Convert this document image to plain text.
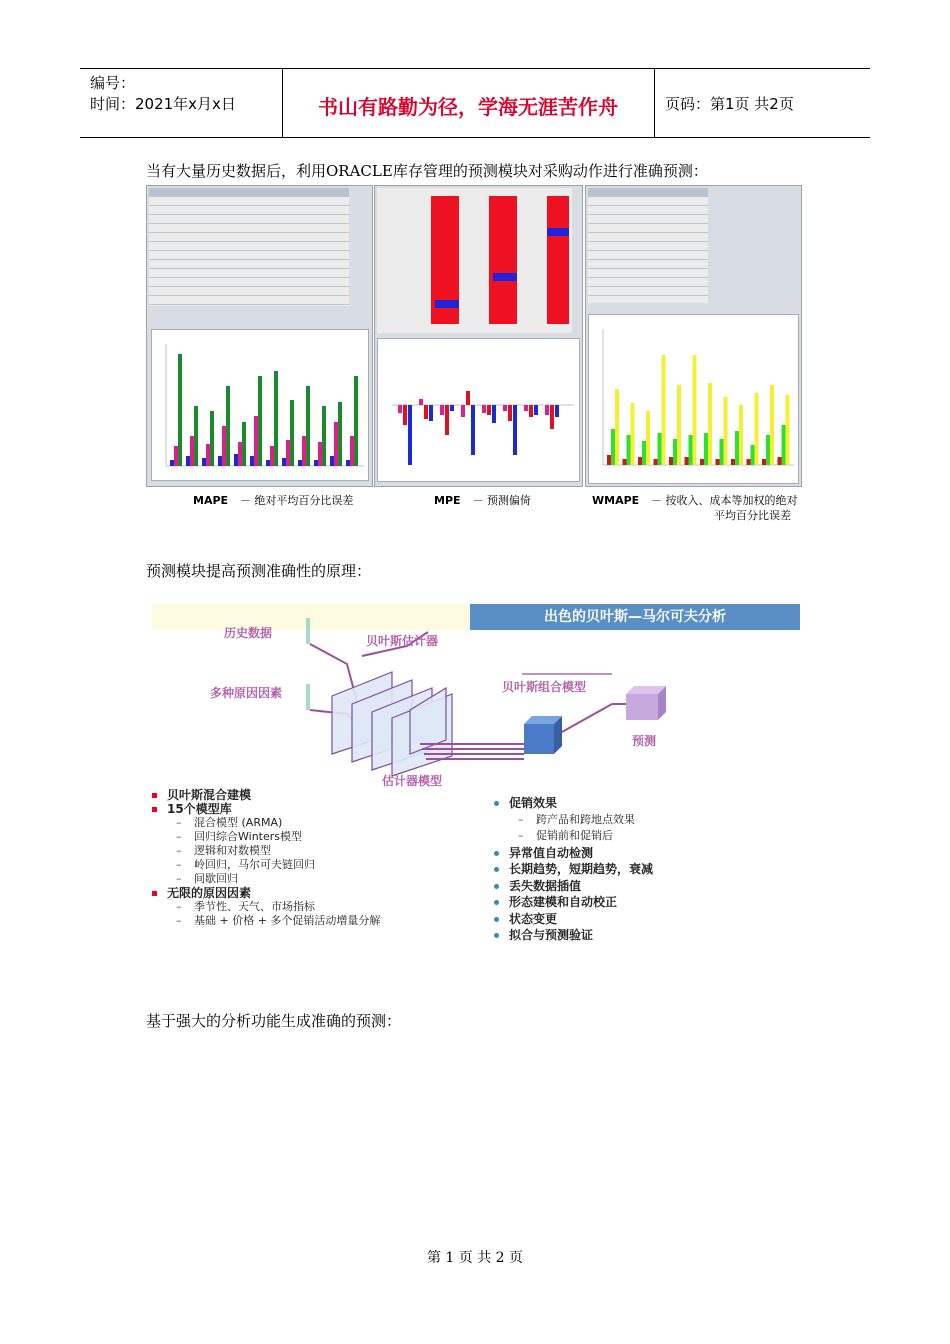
编号：
时间：2021年x月x日	书山有路勤为径，学海无涯苦作舟	页码：第1页 共2页
当有大量历史数据后，利用ORACLE库存管理的预测模块对采购动作进行准确预测：
MAPE － 绝对平均百分比误差	MPE － 预测偏倚	WMAPE － 按收入、成本等加权的绝对
平均百分比误差
预测模块提高预测准确性的原理：
出色的贝叶斯—马尔可夫分析
历史数据
贝叶斯估计器
多种原因因素	贝叶斯组合模型
预测
估计器模型
贝叶斯混合建模
15个模型库
– 混合模型 (ARMA)
– 回归综合Winters模型
– 逻辑和对数模型
– 岭回归，马尔可夫链回归
– 间歇回归
无限的原因因素
– 季节性、天气、市场指标
– 基础 + 价格 + 多个促销活动增量分解
促销效果
– 跨产品和跨地点效果
– 促销前和促销后
异常值自动检测
长期趋势，短期趋势，衰减
丢失数据插值
形态建模和自动校正
状态变更
拟合与预测验证
基于强大的分析功能生成准确的预测：
第 1 页 共 2 页
